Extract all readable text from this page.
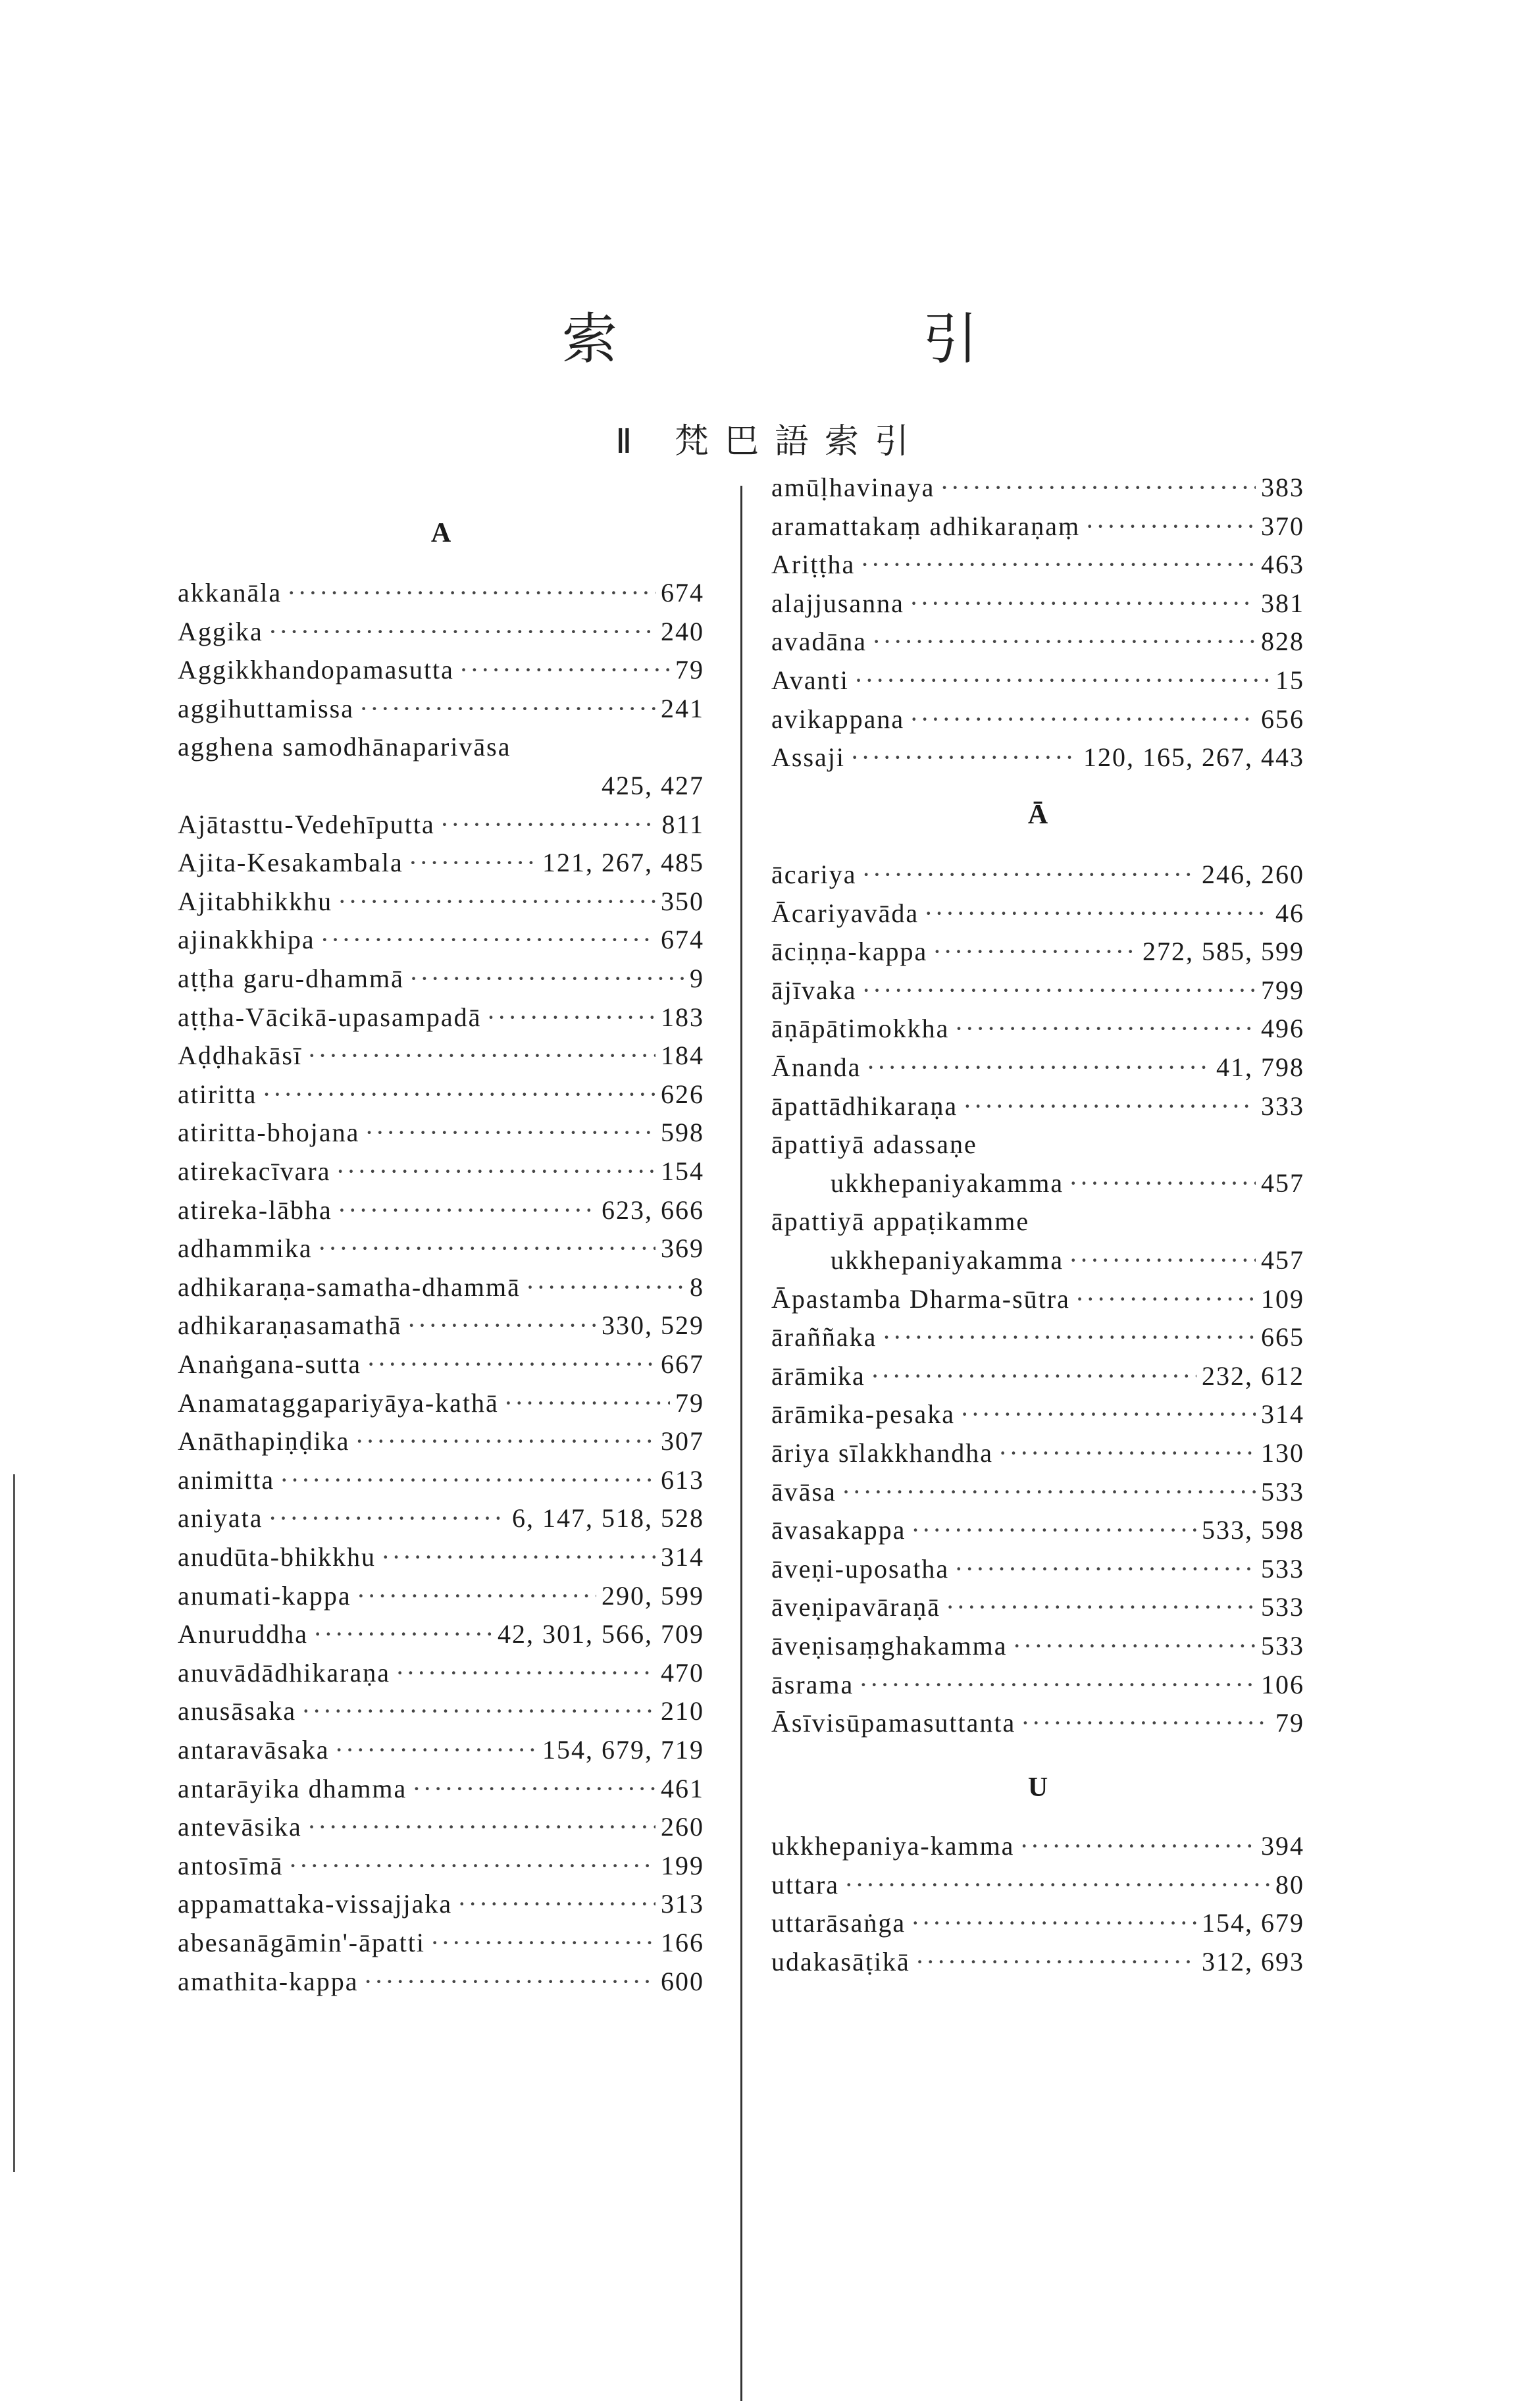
索　引
Ⅱ 梵巴語索引
A
akkanāla ·····	674
Aggika ·····	240
Aggikkhandopamasutta ·····	79
aggihuttamissa ·····	241
agghena samodhānaparivāsa
425, 427
Ajātasttu-Vedehīputta ·····	811
Ajita-Kesakambala ·····	121, 267, 485
Ajitabhikkhu ·····	350
ajinakkhipa ·····	674
aṭṭha garu-dhammā ·····	9
aṭṭha-Vācikā-upasampadā ·····	183
Aḍḍhakāsī ·····	184
atiritta ·····	626
atiritta-bhojana ·····	598
atirekacīvara ·····	154
atireka-lābha ·····	623, 666
adhammika ·····	369
adhikaraṇa-samatha-dhammā ·····	8
adhikaraṇasamathā ·····	330, 529
Anaṅgana-sutta ·····	667
Anamataggapariyāya-kathā ·····	79
Anāthapiṇḍika ·····	307
animitta ·····	613
aniyata ·····	6, 147, 518, 528
anudūta-bhikkhu ·····	314
anumati-kappa ·····	290, 599
Anuruddha ·····	42, 301, 566, 709
anuvādādhikaraṇa ·····	470
anusāsaka ·····	210
antaravāsaka ·····	154, 679, 719
antarāyika dhamma ·····	461
antevāsika ·····	260
antosīmā ·····	199
appamattaka-vissajjaka ·····	313
abesanāgāmin'-āpatti ·····	166
amathita-kappa ·····	600
Ā
U
amūḷhavinaya ·····	383
aramattakaṃ adhikaraṇaṃ ·····	370
Ariṭṭha ·····	463
alajjusanna ·····	381
avadāna ·····	828
Avanti ·····	15
avikappana ·····	656
Assaji ·····	120, 165, 267, 443
ācariya ·····	246, 260
Ācariyavāda ·····	46
āciṇṇa-kappa ·····	272, 585, 599
ājīvaka ·····	799
āṇāpātimokkha ·····	496
Ānanda ·····	41, 798
āpattādhikaraṇa ·····	333
āpattiyā adassaṇe
ukkhepaniyakamma ·····	457
āpattiyā appaṭikamme
ukkhepaniyakamma ·····	457
Āpastamba Dharma-sūtra ·····	109
āraññaka ·····	665
ārāmika ·····	232, 612
ārāmika-pesaka ·····	314
āriya sīlakkhandha ·····	130
āvāsa ·····	533
āvasakappa ·····	533, 598
āveṇi-uposatha ·····	533
āveṇipavāraṇā ·····	533
āveṇisaṃghakamma ·····	533
āsrama ·····	106
Āsīvisūpamasuttanta ·····	79
ukkhepaniya-kamma ·····	394
uttara ·····	80
uttarāsaṅga ·····	154, 679
udakasāṭikā ·····	312, 693
